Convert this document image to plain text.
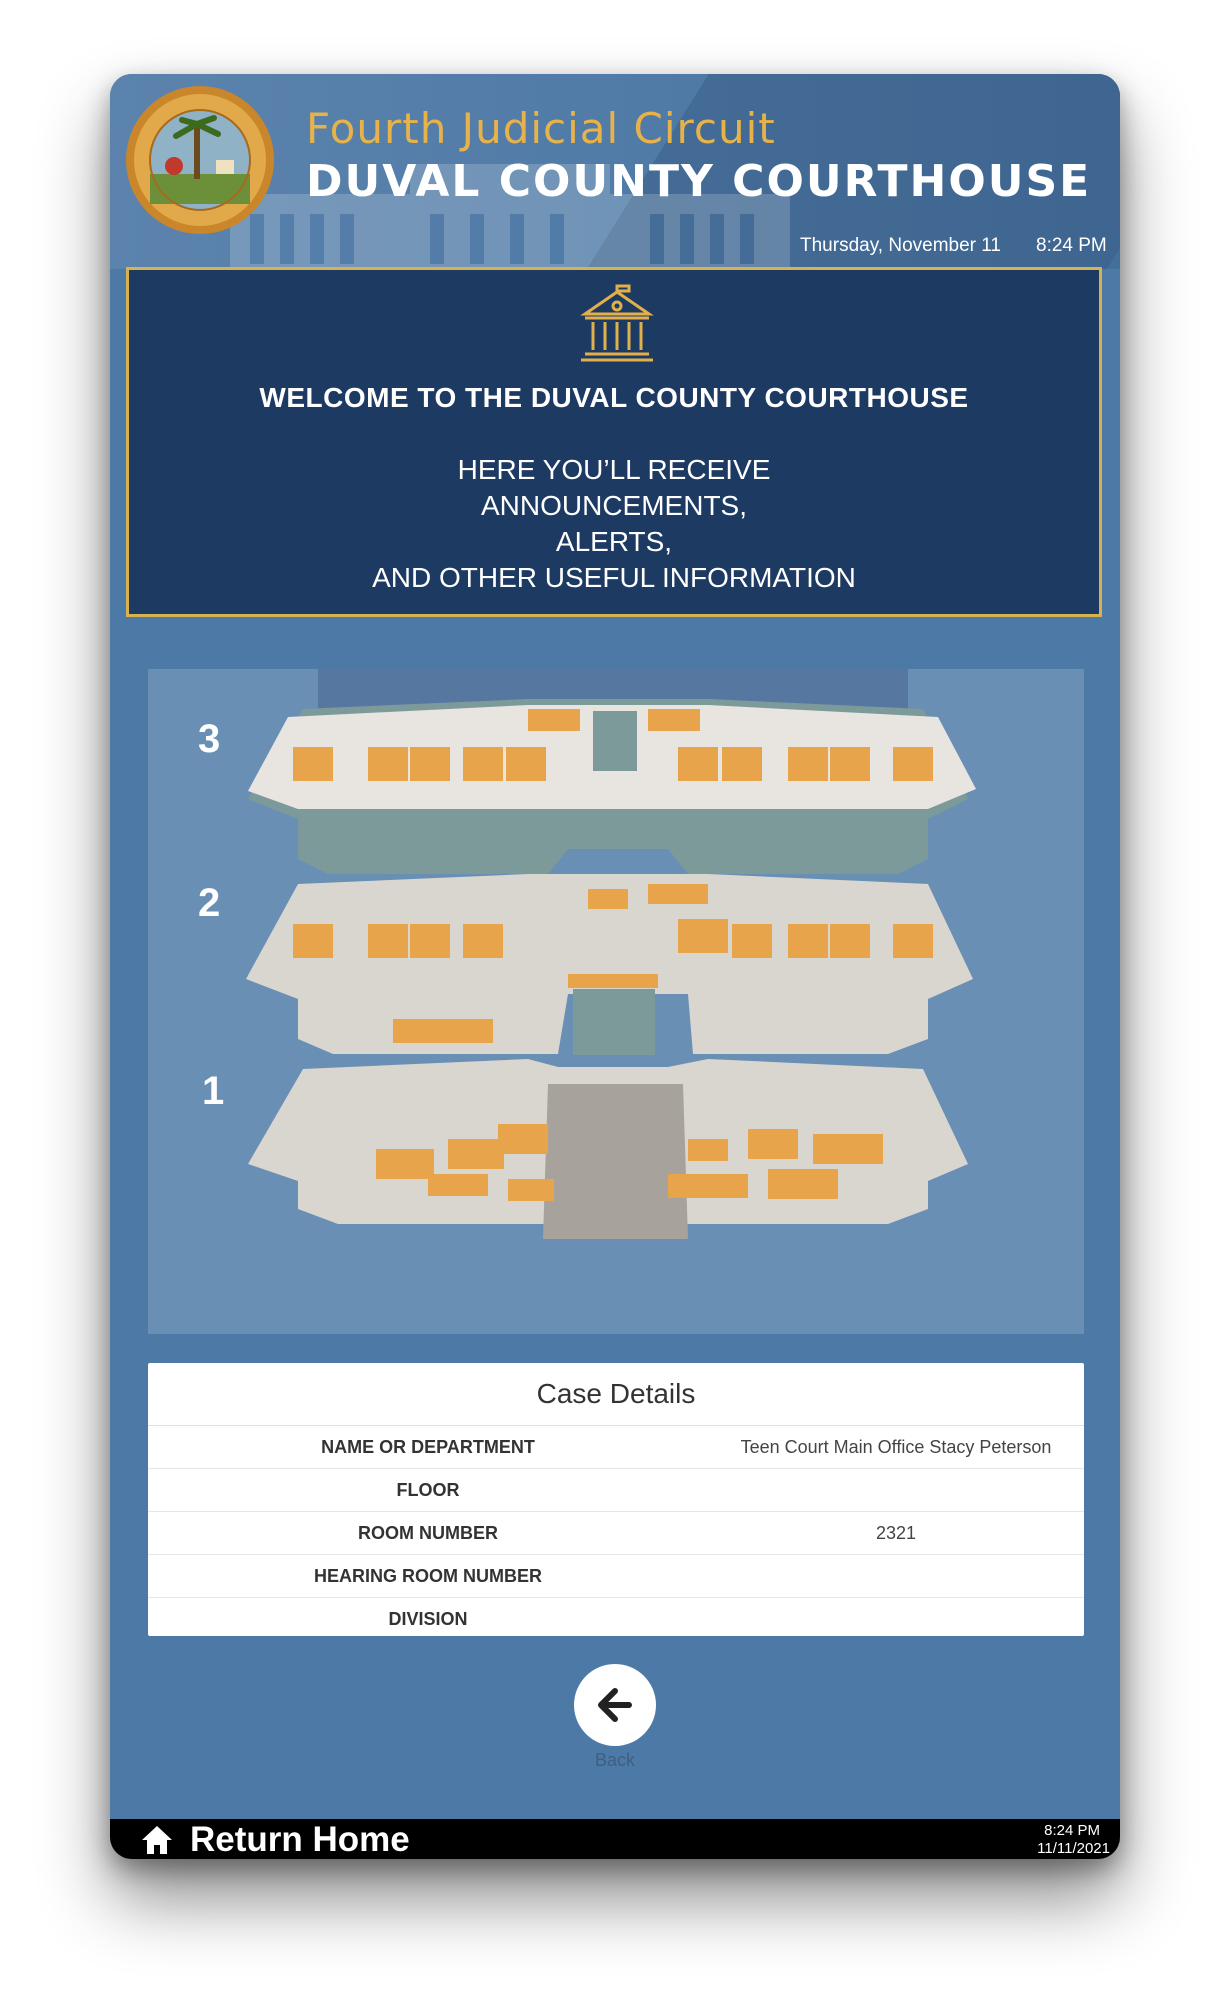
Fourth Judicial Circuit
DUVAL COUNTY COURTHOUSE
Thursday, November 11 8:24 PM
WELCOME TO THE DUVAL COUNTY COURTHOUSE
HERE YOU’LL RECEIVE
ANNOUNCEMENTS,
ALERTS,
AND OTHER USEFUL INFORMATION
3
2
1
Case Details
NAME OR DEPARTMENT	Teen Court Main Office Stacy Peterson
FLOOR
ROOM NUMBER	2321
HEARING ROOM NUMBER
DIVISION
Back
Return Home	8:24 PM
11/11/2021
